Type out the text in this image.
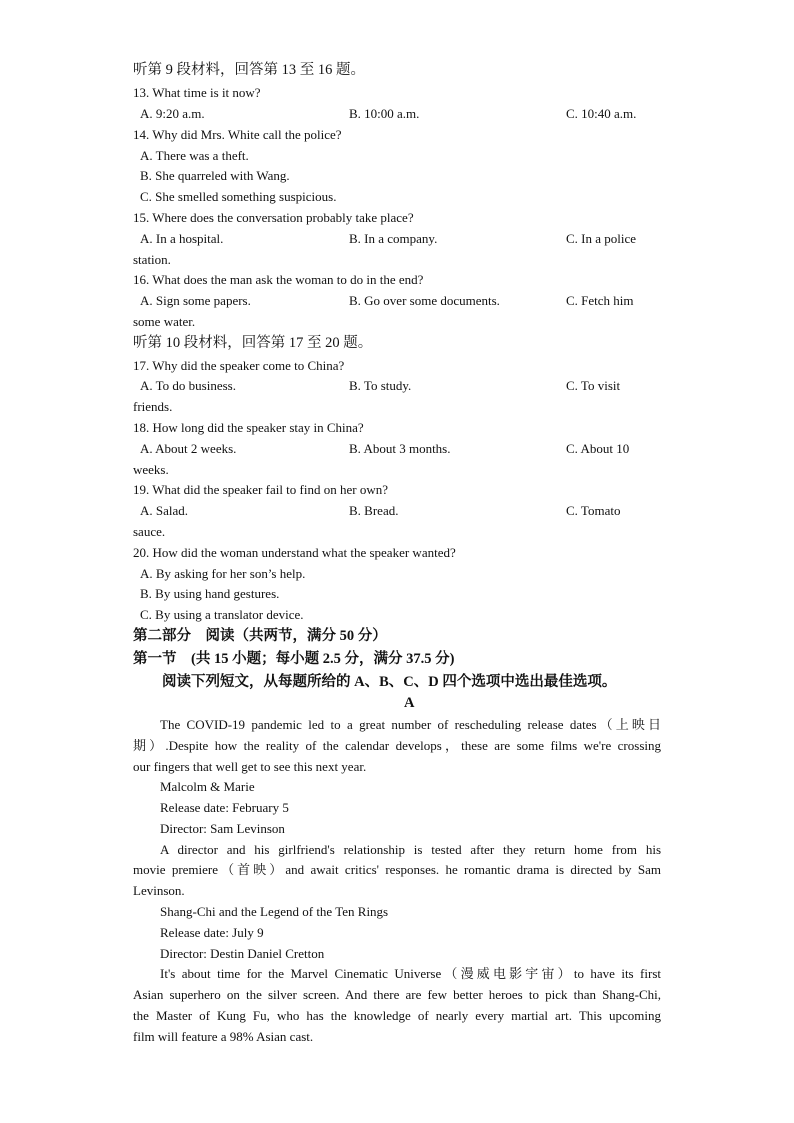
听第 9 段材料，回答第 13 至 16 题。
13. What time is it now?
A. 9:20 a.m.	B. 10:00 a.m.	C. 10:40 a.m.
14. Why did Mrs. White call the police?
A. There was a theft.
B. She quarreled with Wang.
C. She smelled something suspicious.
15. Where does the conversation probably take place?
A. In a hospital.	B. In a company.	C. In a police
station.
16. What does the man ask the woman to do in the end?
A. Sign some papers.	B. Go over some documents.	C. Fetch him
some water.
听第 10 段材料，回答第 17 至 20 题。
17. Why did the speaker come to China?
A. To do business.	B. To study.	C. To visit
friends.
18. How long did the speaker stay in China?
A. About 2 weeks.	B. About 3 months.	C. About 10
weeks.
19. What did the speaker fail to find on her own?
A. Salad.	B. Bread.	C. Tomato
sauce.
20. How did the woman understand what the speaker wanted?
A. By asking for her son’s help.
B. By using hand gestures.
C. By using a translator device.
第二部分　阅读（共两节，满分 50 分）
第一节　(共 15 小题；每小题 2.5 分，满分 37.5 分)
阅读下列短文，从每题所给的 A、B、C、D 四个选项中选出最佳选项。
A
The COVID-19 pandemic led to a great number of rescheduling release dates（上映日
期）.Despite how the reality of the calendar develops，these are some films we're crossing
our fingers that well get to see this next year.
Malcolm & Marie
Release date: February 5
Director: Sam Levinson
A director and his girlfriend's relationship is tested after they return home from his
movie premiere（首映）and await critics' responses. he romantic drama is directed by Sam
Levinson.
Shang-Chi and the Legend of the Ten Rings
Release date: July 9
Director: Destin Daniel Cretton
It's about time for the Marvel Cinematic Universe（漫威电影宇宙）to have its first
Asian superhero on the silver screen. And there are few better heroes to pick than Shang-Chi,
the Master of Kung Fu, who has the knowledge of nearly every martial art. This upcoming
film will feature a 98% Asian cast.
